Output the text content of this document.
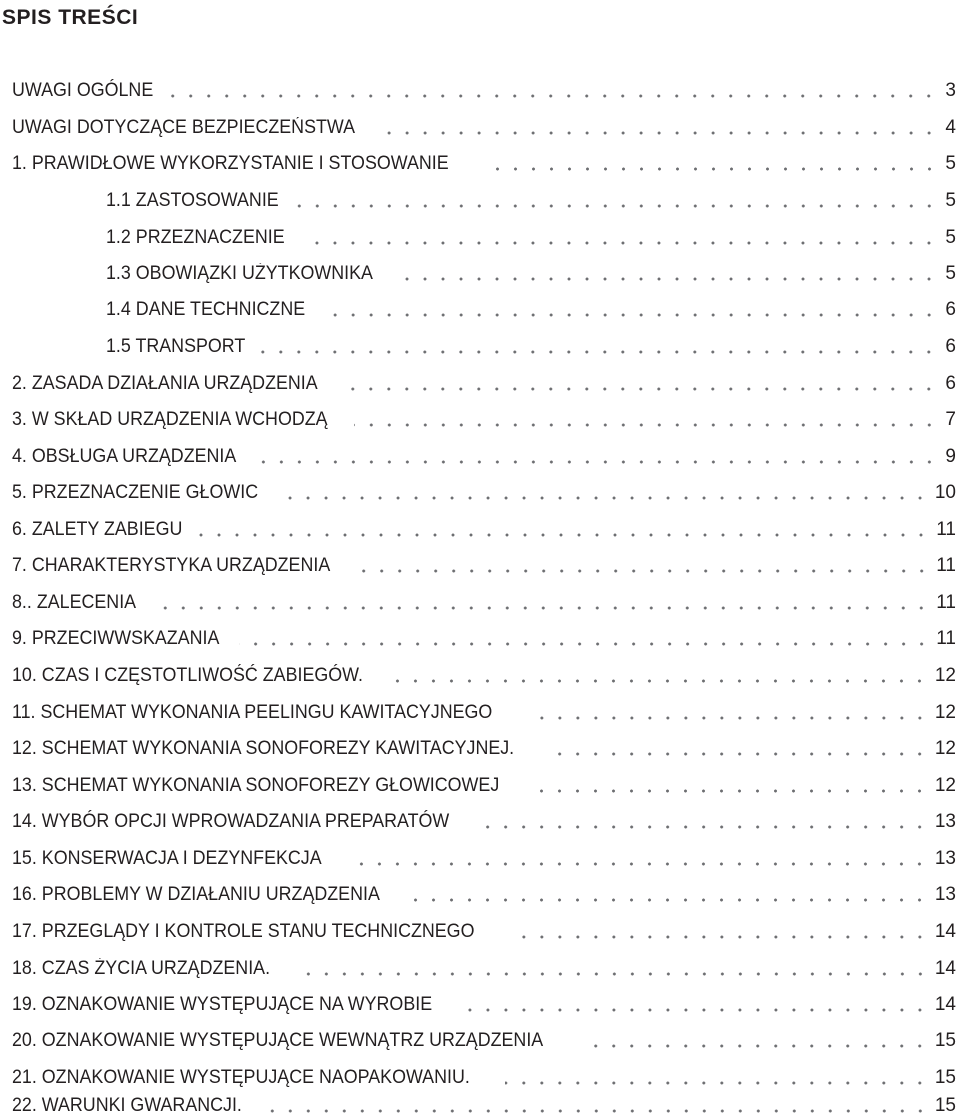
SPIS TREŚCI
UWAGI OGÓLNE	3
UWAGI DOTYCZĄCE BEZPIECZEŃSTWA	4
1. PRAWIDŁOWE WYKORZYSTANIE I STOSOWANIE	5
1.1 ZASTOSOWANIE	5
1.2 PRZEZNACZENIE	5
1.3 OBOWIĄZKI UŻYTKOWNIKA	5
1.4 DANE TECHNICZNE	6
1.5 TRANSPORT	6
2. ZASADA DZIAŁANIA URZĄDZENIA	6
3. W SKŁAD URZĄDZENIA WCHODZĄ	7
4. OBSŁUGA URZĄDZENIA	9
5. PRZEZNACZENIE GŁOWIC	10
6. ZALETY ZABIEGU	11
7. CHARAKTERYSTYKA URZĄDZENIA	11
8.. ZALECENIA	11
9. PRZECIWWSKAZANIA	11
10. CZAS I CZĘSTOTLIWOŚĆ ZABIEGÓW.	12
11. SCHEMAT WYKONANIA PEELINGU KAWITACYJNEGO	12
12. SCHEMAT WYKONANIA SONOFOREZY KAWITACYJNEJ.	12
13. SCHEMAT WYKONANIA SONOFOREZY GŁOWICOWEJ	12
14. WYBÓR OPCJI WPROWADZANIA PREPARATÓW	13
15. KONSERWACJA I DEZYNFEKCJA	13
16. PROBLEMY W DZIAŁANIU URZĄDZENIA	13
17. PRZEGLĄDY I KONTROLE STANU TECHNICZNEGO	14
18. CZAS ŻYCIA URZĄDZENIA.	14
19. OZNAKOWANIE WYSTĘPUJĄCE NA WYROBIE	14
20. OZNAKOWANIE WYSTĘPUJĄCE WEWNĄTRZ URZĄDZENIA	15
21. OZNAKOWANIE WYSTĘPUJĄCE NAOPAKOWANIU.	15
22. WARUNKI GWARANCJI.	15
